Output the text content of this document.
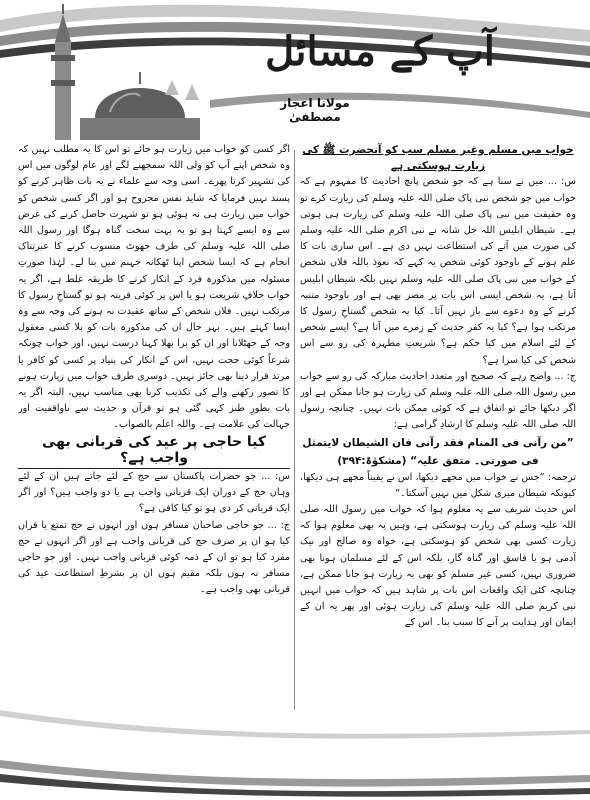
آپ کے مسائل
مولانا اعجاز مصطفیٰ

خواب میں مسلم وغیر مسلم سب کو آنحضرت ﷺ کی زیارت ہوسکتی ہے

س: ... میں نے سنا ہے کہ جو شخص پانچ احادیث کا مفہوم ہے کہ خواب میں جو شخص نبی پاک صلی اللہ علیہ وسلم کی زیارت کرے تو وہ حقیقت میں نبی پاک صلی اللہ علیہ وسلم کی زیارت ہی ہوتی ہے۔ شیطان ابلیس اللہ جل شانہ نے نبی اکرم صلی اللہ علیہ وسلم کی صورت میں آنے کی استطاعت نہیں دی ہے۔ اس ساری بات کا علم ہونے کے باوجود کوئی شخص یہ کہے کہ نعوذ باللہ فلاں شخص کے خواب میں نبی پاک صلی اللہ علیہ وسلم نہیں بلکہ شیطان ابلیس آتا ہے، یہ شخص ایسی اس بات پر مصر بھی ہے اور باوجود متنبہ کرنے کے وہ دعوے سے باز نہیں آتا۔ کیا یہ شخص گستاخِ رسول کا مرتکب ہوا ہے؟ کیا یہ کفر حدیث کے زمرے میں آتا ہے؟ ایسے شخص کے لئے اسلام میں کیا حکم ہے؟ شریعتِ مطہرہ کی رو سے اس شخص کی کیا سزا ہے؟

ج: ... واضح رہے کہ صحیح اور متعدد احادیث مبارکہ کی رو سے خواب میں رسول اللہ صلی اللہ علیہ وسلم کی زیارت ہو جانا ممکن ہے اور اگر دیکھا جائے تو اتفاق ہے کہ کوئی ممکن بات نہیں۔ چنانچہ رسول اللہ صلی اللہ علیہ وسلم کا ارشادِ گرامی ہے:

”من رآنی فی المنام فقد رآنی فان الشیطان لایتمثل

فی صورتی۔ متفق علیہ“ (مشکوٰۃ:۳۹۴)

ترجمہ: ”جس نے خواب میں مجھے دیکھا، اس نے یقیناً مجھے ہی دیکھا، کیونکہ شیطان میری شکل میں نہیں آسکتا۔“

اس حدیث شریف سے یہ معلوم ہوا کہ خواب میں رسول اللہ صلی اللہ علیہ وسلم کی زیارت ہوسکتی ہے، وہیں یہ بھی معلوم ہوا کہ زیارت کسی بھی شخص کو ہوسکتی ہے، خواہ وہ صالح اور نیک آدمی ہو یا فاسق اور گناہ گار، بلکہ اس کے لئے مسلمان ہونا بھی ضروری نہیں، کسی غیر مسلم کو بھی یہ زیارت ہو جانا ممکن ہے، چنانچہ کئی ایک واقعات اس بات پر شاہد ہیں کہ خواب میں انہیں نبی کریم صلی اللہ علیہ وسلم کی زیارت ہوئی اور پھر یہ ان کے ایمان اور ہدایت پر آنے کا سبب بنا۔ اس کے

اگر کسی کو خواب میں زیارت ہو جائے تو اس کا یہ مطلب نہیں کہ وہ شخص اپنے آپ کو ولی اللہ سمجھنے لگے اور عام لوگوں میں اس کی تشہیر کرتا پھرے۔ اسی وجہ سے علماء نے یہ بات ظاہر کرنے کو پسند نہیں فرمایا کہ شاید نفس مجروح ہو اور اگر کسی شخص کو خواب میں زیارت ہی نہ ہوئی ہو تو شہرت حاصل کرنے کی غرض سے وہ ایسے کہتا ہو تو یہ بہت سخت گناہ ہوگا اور رسول اللہ صلی اللہ علیہ وسلم کی طرف جھوٹ منسوب کرنے کا عبرتناک انجام ہے کہ ایسا شخص اپنا ٹھکانہ جہنم میں بنا لے۔ لہٰذا صورتِ مسئولہ میں مذکورہ فرد کے انکار کرنے کا طریقہ غلط ہے، اگر یہ خواب خلافِ شریعت ہو یا اس پر کوئی قرینہ ہو تو گستاخِ رسول کا مرتکب نہیں۔ فلاں شخص کے ساتھ عقیدت نہ ہونے کی وجہ سے وہ ایسا کہتے ہیں۔ بہر حال ان کی مذکورہ بات کو بلا کسی معقول وجہ کے جھٹلانا اور ان کو برا بھلا کہنا درست نہیں، اور خواب چونکہ شرعاً کوئی حجت نہیں، اس کے انکار کی بنیاد پر کسی کو کافر یا مرتد قرار دینا بھی جائز نہیں۔ دوسری طرف خواب میں زیارت ہونے کا تصور رکھنے والے کی تکذیب کرنا بھی مناسب نہیں، البتہ اگر یہ بات بطورِ طنز کہی گئی ہو تو قرآن و حدیث سے ناواقفیت اور جہالت کی علامت ہے۔ واللہ اعلم بالصواب۔

کیا حاجی پر عید کی قربانی بھی واجب ہے؟

س: ... جو حضرات پاکستان سے حج کے لئے جاتے ہیں ان کے لئے وہاں حج کے دوران ایک قربانی واجب ہے یا دو واجب ہیں؟ اور اگر ایک قربانی کر دی ہو تو کیا کافی ہے؟

ج: ... جو حاجی صاحبان مسافر ہوں اور انہوں نے حج تمتع یا قران کیا ہو ان پر صرف حج کی قربانی واجب ہے اور اگر انہوں نے حج مفرد کیا ہو تو ان کے ذمہ کوئی قربانی واجب نہیں۔ اور جو حاجی مسافر نہ ہوں بلکہ مقیم ہوں ان پر بشرطِ استطاعت عید کی قربانی بھی واجب ہے۔
